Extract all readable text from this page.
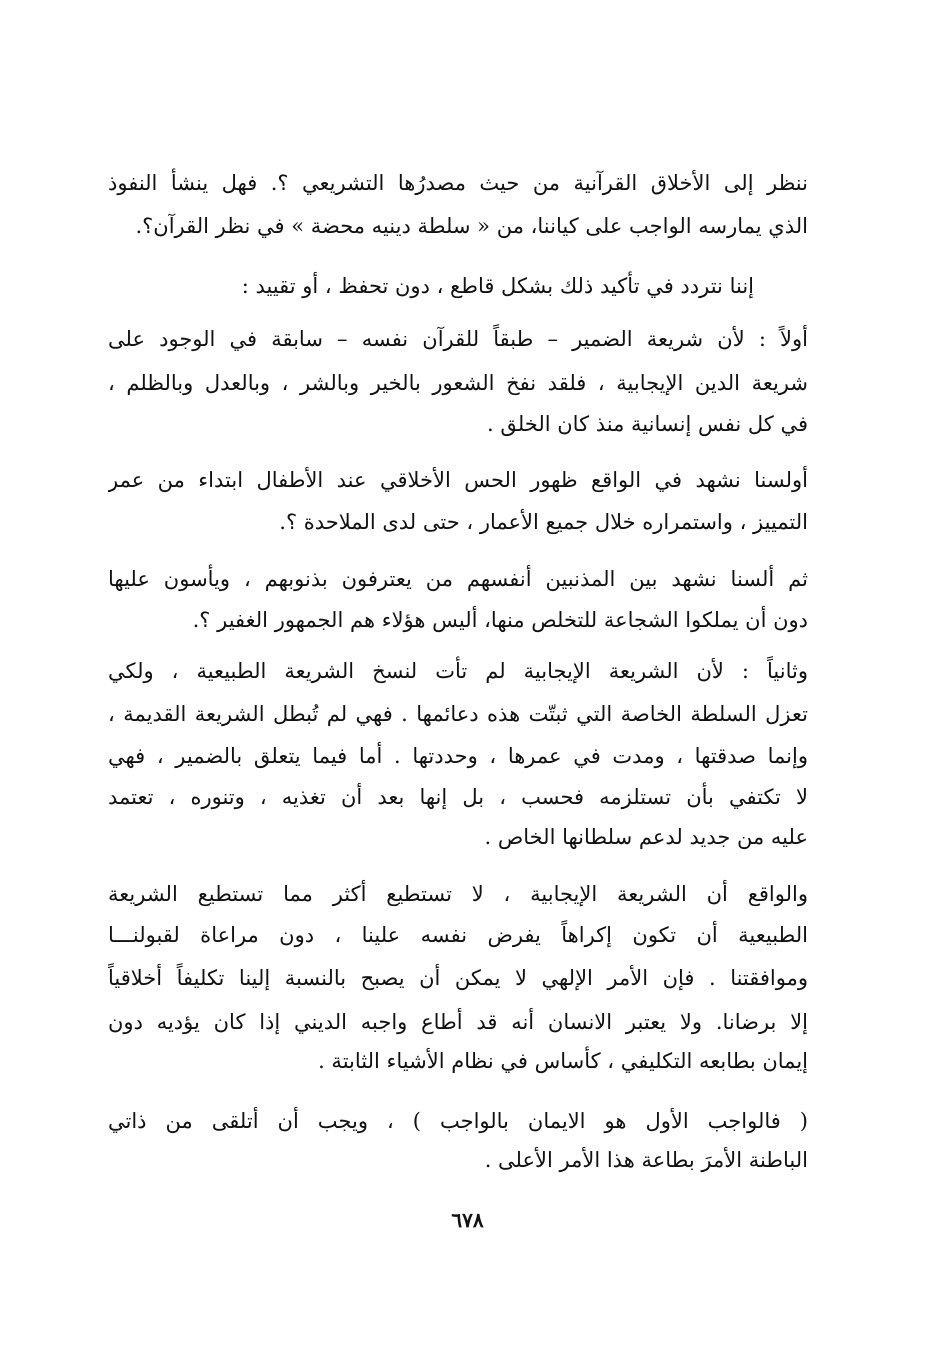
ننظر إلى الأخلاق القرآنية من حيث مصدرُها التشريعي ؟. فهل ينشأ النفوذ
الذي يمارسه الواجب على كياننا، من « سلطة دينيه محضة » في نظر القرآن؟.
إننا نتردد في تأكيد ذلك بشكل قاطع ، دون تحفظ ، أو تقييد :
أولاً : لأن شريعة الضمير – طبقاً للقرآن نفسه – سابقة في الوجود على
شريعة الدين الإيجابية ، فلقد نفخ الشعور بالخير وبالشر ، وبالعدل وبالظلم ،
في كل نفس إنسانية منذ كان الخلق .
أولسنا نشهد في الواقع ظهور الحس الأخلاقي عند الأطفال ابتداء من عمر
التمييز ، واستمراره خلال جميع الأعمار ، حتى لدى الملاحدة ؟.
ثم ألسنا نشهد بين المذنبين أنفسهم من يعترفون بذنوبهم ، ويأسون عليها
دون أن يملكوا الشجاعة للتخلص منها، أليس هؤلاء هم الجمهور الغفير ؟.
وثانياً : لأن الشريعة الإيجابية لم تأت لنسخ الشريعة الطبيعية ، ولكي
تعزل السلطة الخاصة التي ثبتّت هذه دعائمها . فهي لم تُبطل الشريعة القديمة ،
وإنما صدقتها ، ومدت في عمرها ، وحددتها . أما فيما يتعلق بالضمير ، فهي
لا تكتفي بأن تستلزمه فحسب ، بل إنها بعد أن تغذيه ، وتنوره ، تعتمد
عليه من جديد لدعم سلطانها الخاص .
والواقع أن الشريعة الإيجابية ، لا تستطيع أكثر مما تستطيع الشريعة
الطبيعية أن تكون إكراهاً يفرض نفسه علينا ، دون مراعاة لقبولنـــا
وموافقتنا . فإن الأمر الإلهي لا يمكن أن يصبح بالنسبة إلينا تكليفاً أخلاقياً
إلا برضانا. ولا يعتبر الانسان أنه قد أطاع واجبه الديني إذا كان يؤديه دون
إيمان بطابعه التكليفي ، كأساس في نظام الأشياء الثابتة .
( فالواجب الأول هو الايمان بالواجب ) ، ويجب أن أتلقى من ذاتي
الباطنة الأمرَ بطاعة هذا الأمر الأعلى .
٦٧٨
